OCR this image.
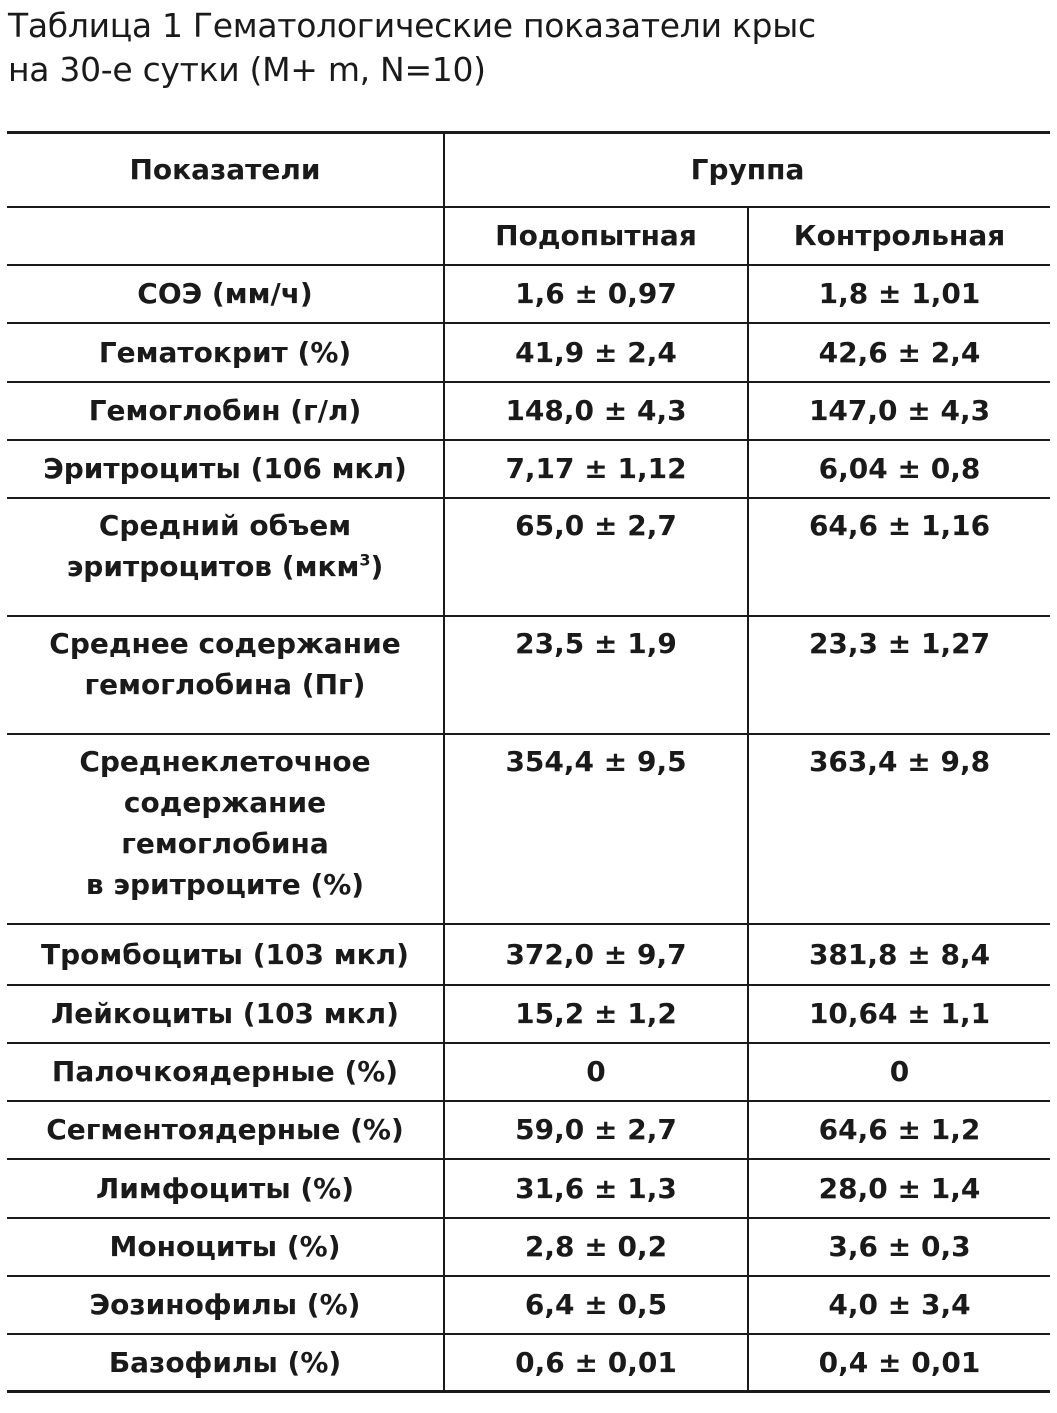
Таблица 1 Гематологические показатели крыс
на 30-е сутки (M+ m, N=10)
Показатели	Группа	
	Подопытная	Контрольная

СОЭ (мм/ч)	1,6 ± 0,97	1,8 ± 1,01

Гематокрит (%)	41,9 ± 2,4	42,6 ± 2,4

Гемоглобин (г/л)	148,0 ± 4,3	147,0 ± 4,3

Эритроциты (106 мкл)	7,17 ± 1,12	6,04 ± 0,8

Средний объем
эритроцитов (мкм$^3$)	65,0 ± 2,7	64,6 ± 1,16

Среднее содержание
гемоглобина (Пг)	23,5 ± 1,9	23,3 ± 1,27

Среднеклеточное
содержание
гемоглобина
в эритроците (%)	354,4 ± 9,5	363,4 ± 9,8

Тромбоциты (103 мкл)	372,0 ± 9,7	381,8 ± 8,4

Лейкоциты (103 мкл)	15,2 ± 1,2	10,64 ± 1,1

Палочкоядерные (%)	0	0

Сегментоядерные (%)	59,0 ± 2,7	64,6 ± 1,2

Лимфоциты (%)	31,6 ± 1,3	28,0 ± 1,4

Моноциты (%)	2,8 ± 0,2	3,6 ± 0,3

Эозинофилы (%)	6,4 ± 0,5	4,0 ± 3,4

Базофилы (%)	0,6 ± 0,01	0,4 ± 0,01
